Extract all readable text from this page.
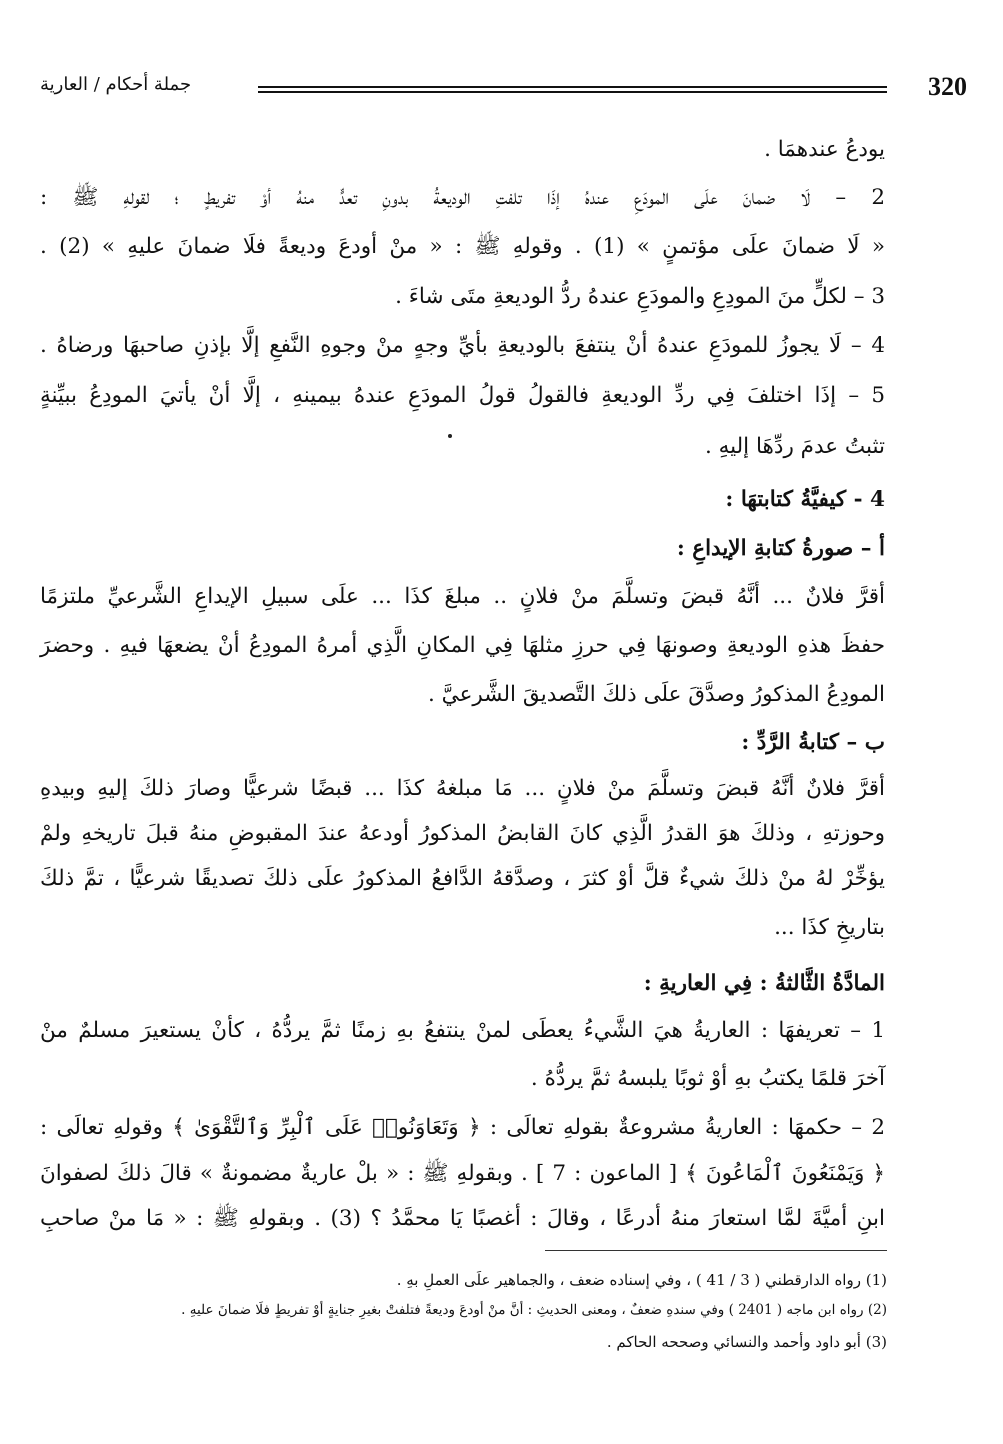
جملة أحكام / العارية	320
يودعُ عندهمَا .
2 – لَا ضمانَ علَى المودَعِ عندهُ إذَا تلفتِ الوديعةُ بدونِ تعدٍّ منهُ أوْ تفريطٍ ؛ لقولهِ ﷺ :
« لَا ضمانَ علَى مؤتمنٍ » (1) . وقولهِ ﷺ : « منْ أودعَ وديعةً فلَا ضمانَ عليهِ » (2) .
3 – لكلٍّ منَ المودِعِ والمودَعِ عندهُ ردُّ الوديعةِ متَى شاءَ .
4 – لَا يجوزُ للمودَعِ عندهُ أنْ ينتفعَ بالوديعةِ بأيِّ وجهٍ منْ وجوهِ النَّفعِ إلَّا بإذنِ صاحبهَا ورضاهُ .
5 – إذَا اختلفَ فِي ردِّ الوديعةِ فالقولُ قولُ المودَعِ عندهُ بيمينهِ ، إلَّا أنْ يأتيَ المودِعُ ببيِّنةٍ
تثبتُ عدمَ ردِّهَا إليهِ .
4 - كيفيَّةُ كتابتهَا :
أ – صورةُ كتابةِ الإيداعِ :
أقرَّ فلانٌ ... أنَّهُ قبضَ وتسلَّمَ منْ فلانٍ .. مبلغَ كذَا ... علَى سبيلِ الإيداعِ الشَّرعيِّ ملتزمًا
حفظَ هذهِ الوديعةِ وصونهَا فِي حرزِ مثلهَا فِي المكانِ الَّذِي أمرهُ المودِعُ أنْ يضعهَا فيهِ . وحضرَ
المودِعُ المذكورُ وصدَّقَ علَى ذلكَ التَّصديقَ الشَّرعيَّ .
ب – كتابةُ الرَّدِّ :
أقرَّ فلانٌ أنَّهُ قبضَ وتسلَّمَ منْ فلانٍ ... مَا مبلغهُ كذَا ... قبضًا شرعيًّا وصارَ ذلكَ إليهِ وبيدهِ
وحوزتهِ ، وذلكَ هوَ القدرُ الَّذِي كانَ القابضُ المذكورُ أودعهُ عندَ المقبوضِ منهُ قبلَ تاريخهِ ولمْ
يؤخِّرْ لهُ منْ ذلكَ شيءٌ قلَّ أوْ كثرَ ، وصدَّقهُ الدَّافعُ المذكورُ علَى ذلكَ تصديقًا شرعيًّا ، تمَّ ذلكَ
بتاريخِ كذَا ...
المادَّةُ الثَّالثةُ : فِي العاريةِ :
1 – تعريفهَا : العاريةُ هيَ الشَّيءُ يعطَى لمنْ ينتفعُ بهِ زمنًا ثمَّ يردُّهُ ، كأنْ يستعيرَ مسلمٌ منْ
آخرَ قلمًا يكتبُ بهِ أوْ ثوبًا يلبسهُ ثمَّ يردُّهُ .
2 – حكمهَا : العاريةُ مشروعةٌ بقولهِ تعالَى : ﴿ وَتَعَاوَنُوا۟ عَلَى ٱلْبِرِّ وَٱلتَّقْوَىٰ ﴾ وقولهِ تعالَى :
﴿ وَيَمْنَعُونَ ٱلْمَاعُونَ ﴾ [ الماعون : 7 ] . وبقولهِ ﷺ : « بلْ عاريةٌ مضمونةٌ » قالَ ذلكَ لصفوانَ
ابنِ أميَّةَ لمَّا استعارَ منهُ أدرعًا ، وقالَ : أغصبًا يَا محمَّدُ ؟ (3) . وبقولهِ ﷺ : « مَا منْ صاحبِ
(1) رواه الدارقطني ( 3 / 41 ) ، وفي إسناده ضعف ، والجماهير علَى العملِ بهِ .
(2) رواه ابن ماجه ( 2401 ) وفي سندهِ ضعفٌ ، ومعنى الحديثِ : أنَّ منْ أودعَ وديعةً فتلفتْ بغيرِ جنايةٍ أوْ تفريطٍ فلَا ضمانَ عليهِ .
(3) أبو داود وأحمد والنسائي وصححه الحاكم .
